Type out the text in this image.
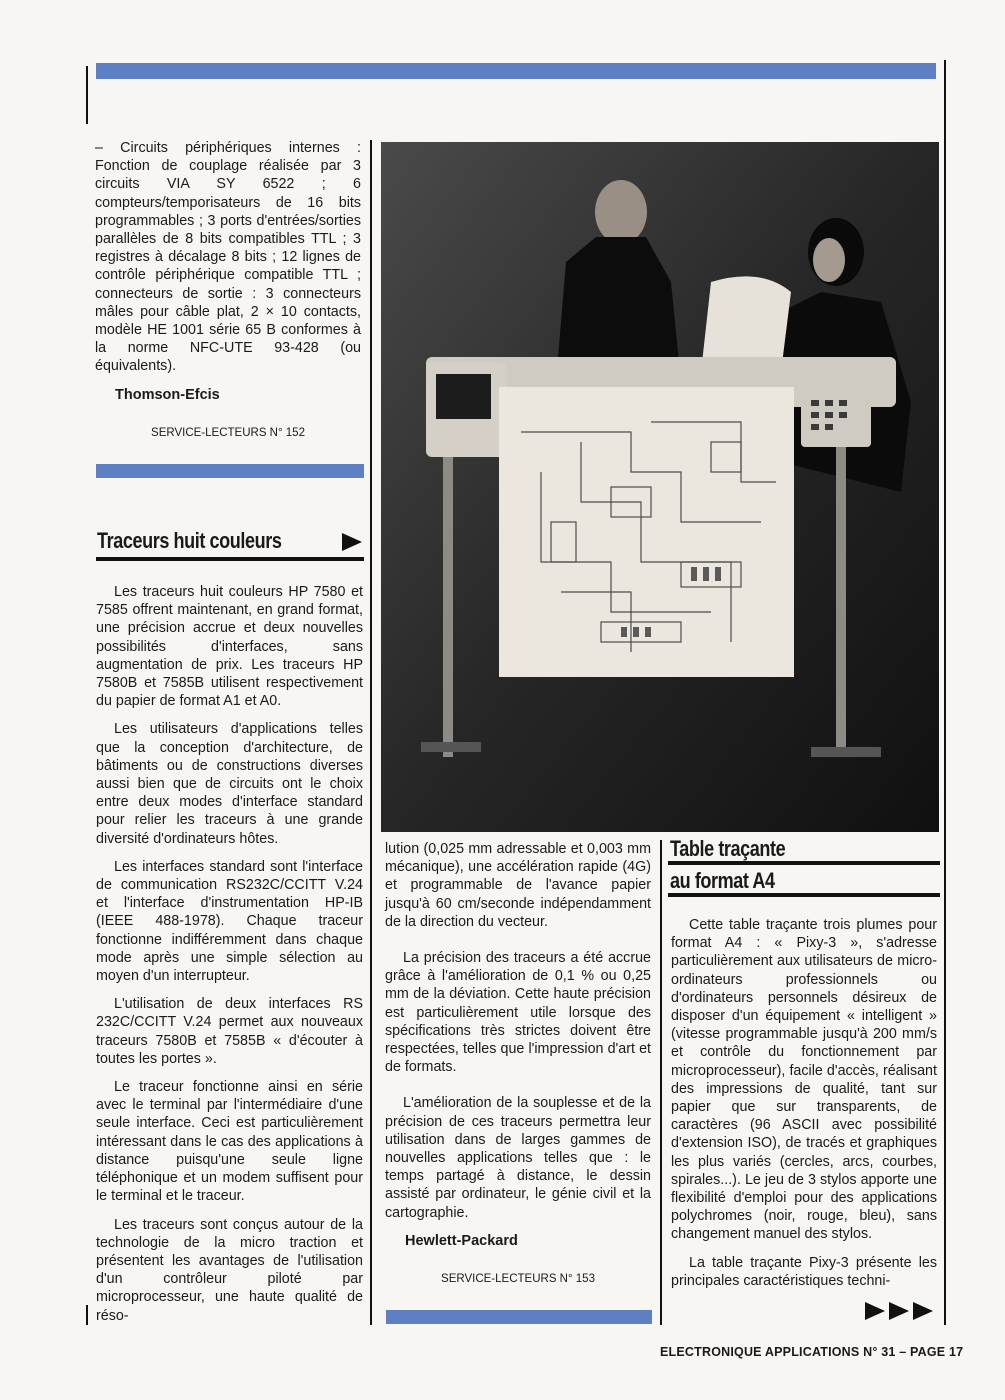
– Circuits périphériques internes : Fonction de couplage réalisée par 3 circuits VIA SY 6522 ; 6 compteurs/temporisateurs de 16 bits programmables ; 3 ports d'entrées/sorties parallèles de 8 bits compatibles TTL ; 3 registres à décalage 8 bits ; 12 lignes de contrôle périphérique compatible TTL ; connecteurs de sortie : 3 connecteurs mâles pour câble plat, 2 × 10 contacts, modèle HE 1001 série 65 B conformes à la norme NFC-UTE 93-428 (ou équivalents).

Thomson-Efcis
SERVICE-LECTEURS N° 152
Traceurs huit couleurs

Les traceurs huit couleurs HP 7580 et 7585 offrent maintenant, en grand format, une précision accrue et deux nouvelles possibilités d'interfaces, sans augmentation de prix. Les traceurs HP 7580B et 7585B utilisent respectivement du papier de format A1 et A0.

Les utilisateurs d'applications telles que la conception d'architecture, de bâtiments ou de constructions diverses aussi bien que de circuits ont le choix entre deux modes d'interface standard pour relier les traceurs à une grande diversité d'ordinateurs hôtes.

Les interfaces standard sont l'interface de communication RS232C/CCITT V.24 et l'interface d'instrumentation HP-IB (IEEE 488-1978). Chaque traceur fonctionne indifféremment dans chaque mode après une simple sélection au moyen d'un interrupteur.

L'utilisation de deux interfaces RS 232C/CCITT V.24 permet aux nouveaux traceurs 7580B et 7585B « d'écouter à toutes les portes ».

Le traceur fonctionne ainsi en série avec le terminal par l'intermédiaire d'une seule interface. Ceci est particulièrement intéressant dans le cas des applications à distance puisqu'une seule ligne téléphonique et un modem suffisent pour le terminal et le traceur.

Les traceurs sont conçus autour de la technologie de la micro traction et présentent les avantages de l'utilisation d'un contrôleur piloté par microprocesseur, une haute qualité de réso-

lution (0,025 mm adressable et 0,003 mm mécanique), une accélération rapide (4G) et programmable de l'avance papier jusqu'à 60 cm/seconde indépendamment de la direction du vecteur.

La précision des traceurs a été accrue grâce à l'amélioration de 0,1 % ou 0,25 mm de la déviation. Cette haute précision est particulièrement utile lorsque des spécifications très strictes doivent être respectées, telles que l'impression d'art et de formats.

L'amélioration de la souplesse et de la précision de ces traceurs permettra leur utilisation dans de larges gammes de nouvelles applications telles que : le temps partagé à distance, le dessin assisté par ordinateur, le génie civil et la cartographie.

Hewlett-Packard
SERVICE-LECTEURS N° 153
Table traçante
au format A4

Cette table traçante trois plumes pour format A4 : « Pixy-3 », s'adresse particulièrement aux utilisateurs de micro-ordinateurs professionnels ou d'ordinateurs personnels désireux de disposer d'un équipement « intelligent » (vitesse programmable jusqu'à 200 mm/s et contrôle du fonctionnement par microprocesseur), facile d'accès, réalisant des impressions de qualité, tant sur papier que sur transparents, de caractères (96 ASCII avec possibilité d'extension ISO), de tracés et graphiques les plus variés (cercles, arcs, courbes, spirales...). Le jeu de 3 stylos apporte une flexibilité d'emploi pour des applications polychromes (noir, rouge, bleu), sans changement manuel des stylos.

La table traçante Pixy-3 présente les principales caractéristiques techni-

ELECTRONIQUE APPLICATIONS N° 31 – PAGE 17
